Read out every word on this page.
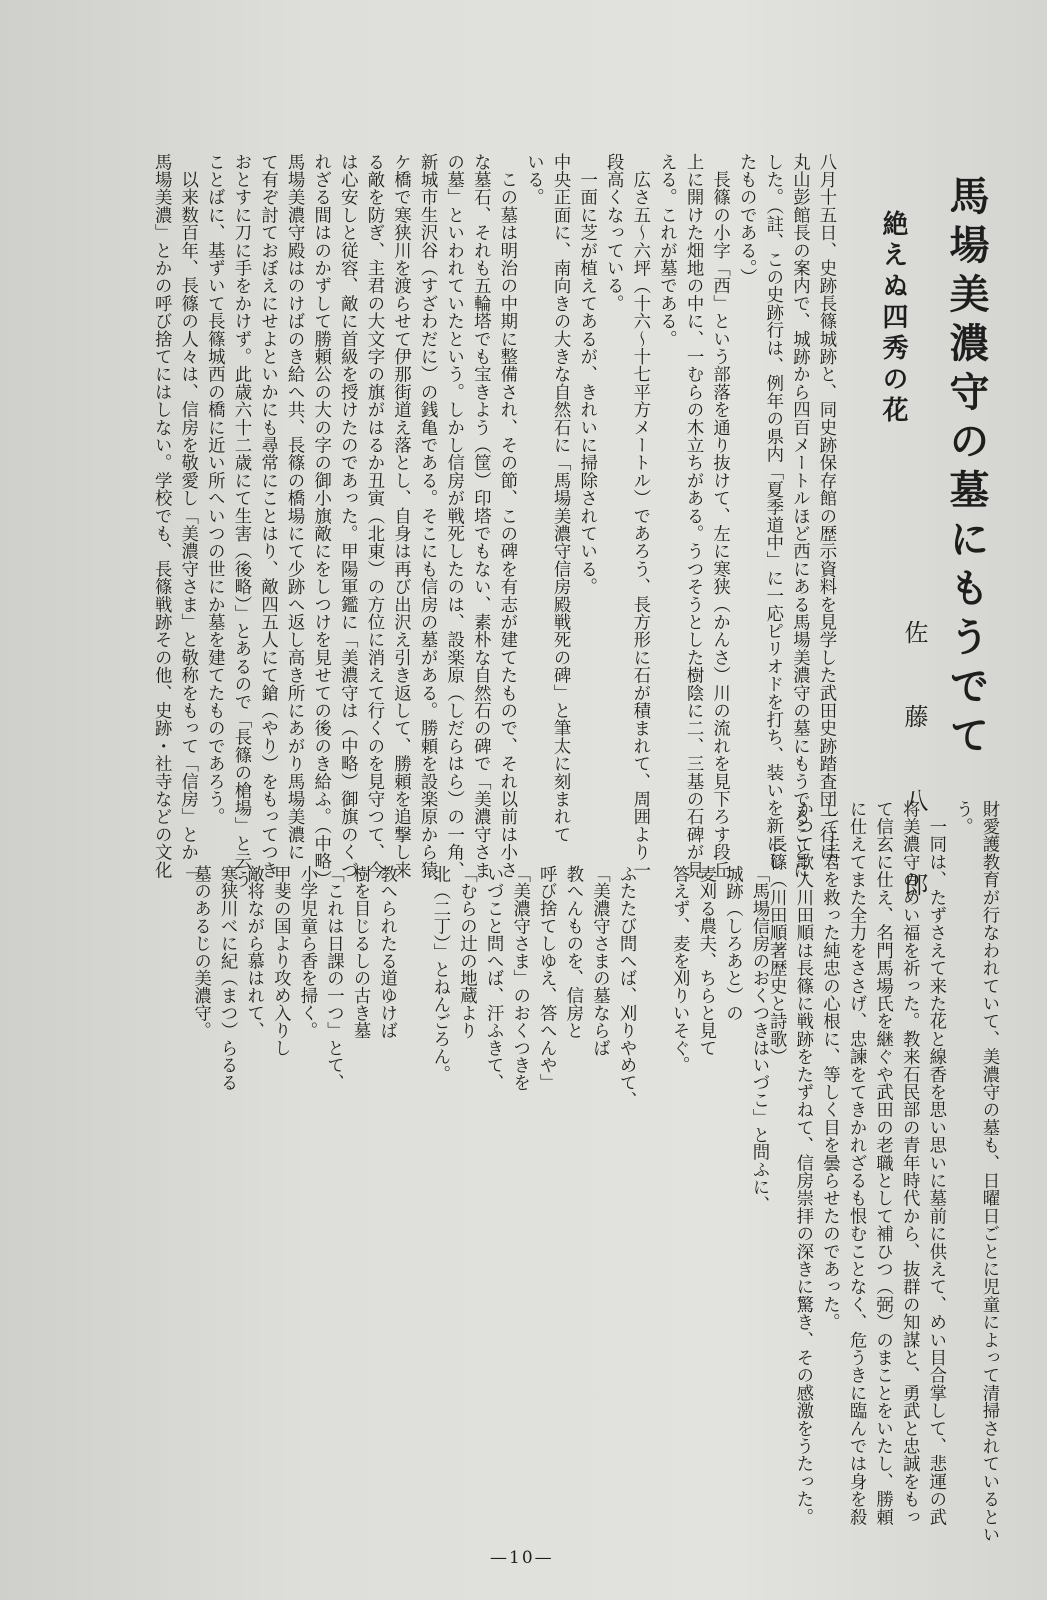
馬場美濃守の墓にもうでて
絶えぬ四秀の花
佐　藤　八　郎
八月十五日、史跡長篠城跡と、同史跡保存館の歴示資料を見学した武田史跡踏査団一行は、
丸山彭館長の案内で、城跡から四百メートルほど西にある馬場美濃守の墓にもうでることに
した。（註、この史跡行は、例年の県内「夏季道中」に一応ピリオドを打ち、装いを新にし
たものである。）
　長篠の小字「西」という部落を通り抜けて、左に寒狭（かんさ）川の流れを見下ろす段丘
上に開けた畑地の中に、一むらの木立ちがある。うつそうとした樹陰に二、三基の石碑が見
える。これが墓である。
　広さ五～六坪（十六～十七平方メートル）であろう、長方形に石が積まれて、周囲より一
段高くなっている。
　一面に芝が植えてあるが、きれいに掃除されている。
中央正面に、南向きの大きな自然石に「馬場美濃守信房殿戦死の碑」と筆太に刻まれて
いる。
　この墓は明治の中期に整備され、その節、この碑を有志が建てたもので、それ以前は小さ
な墓石、それも五輪塔でも宝きよう（筐）印塔でもない、素朴な自然石の碑で「美濃守さま
の墓」といわれていたという。しかし信房が戦死したのは、設楽原（しだらはら）の一角、
新城市生沢谷（すざわだに）の銭亀である。そこにも信房の墓がある。勝頼を設楽原から猿
ケ橋で寒狭川を渡らせて伊那街道え落とし、自身は再び出沢え引き返して、勝頼を追撃し来
る敵を防ぎ、主君の大文字の旗がはるか丑寅（北東）の方位に消えて行くのを見守つて、今
は心安しと従容、敵に首級を授けたのであった。甲陽軍鑑に「美濃守は（中略）御旗のくづ
れざる間はのかずして勝頼公の大の字の御小旗敵にをしつけを見せての後のき給ふ。（中略）
馬場美濃守殿はのけばのき給へ共、長篠の橋場にて少跡へ返し高き所にあがり馬場美濃に
て有ぞ討ておぼえにせよといかにも尋常にことはり、敵四五人にて鎗（やり）をもってつき
おとすに刀に手をかけず。此歳六十二歳にて生害（後略）」とあるので「長篠の槍場」と云う
ことばに、基ずいて長篠城西の橋に近い所へいつの世にか墓を建てたものであろう。
　以来数百年、長篠の人々は、信房を敬愛し「美濃守さま」と敬称をもって「信房」とか「
馬場美濃」とかの呼び捨てにはしない。学校でも、長篠戦跡その他、史跡・社寺などの文化
財愛護教育が行なわれていて、美濃守の墓も、日曜日ごとに児童によって清掃されているとい
う。
　一同は、たずさえて来た花と線香を思い思いに墓前に供えて、めい目合掌して、悲運の武
将美濃守のめい福を祈った。教来石民部の青年時代から、抜群の知謀と、勇武と忠誠をもっ
て信玄に仕え、名門馬場氏を継ぐや武田の老職として補ひつ（弼）のまことをいたし、勝頼
に仕えてまた全力をささげ、忠諫をてきかれざるも恨むことなく、危うきに臨んでは身を殺
して主君を救った純忠の心根に、等しく目を曇らせたのであった。
かつて歌人川田順は長篠に戦跡をたずねて、信房崇拝の深きに驚き、その感激をうたった。
　　長篠（川田順著歴史と詩歌）
「馬場信房のおくつきはいづこ」と問ふに、
城跡（しろあと）の
麦刈る農夫、ちらと見て
答えず、麦を刈りいそぐ。
ふたたび問へば、刈りやめて、
「美濃守さまの墓ならば
教へんものを、信房と
呼び捨てしゆえ、答へんや」
「美濃守さま」のおくつきを
いづこと問へば、汗ふきて、
「むらの辻の地蔵より
北（二丁）」とねんごろん。
教へられたる道ゆけば
樹を目じるしの古き墓
「これは日課の一つ」とて、
小学児童ら香を掃く。
甲斐の国より攻め入りし
敵将ながら慕はれて、
寒狭川べに紀（まつ）らるる
墓のあるじの美濃守。
—10—
